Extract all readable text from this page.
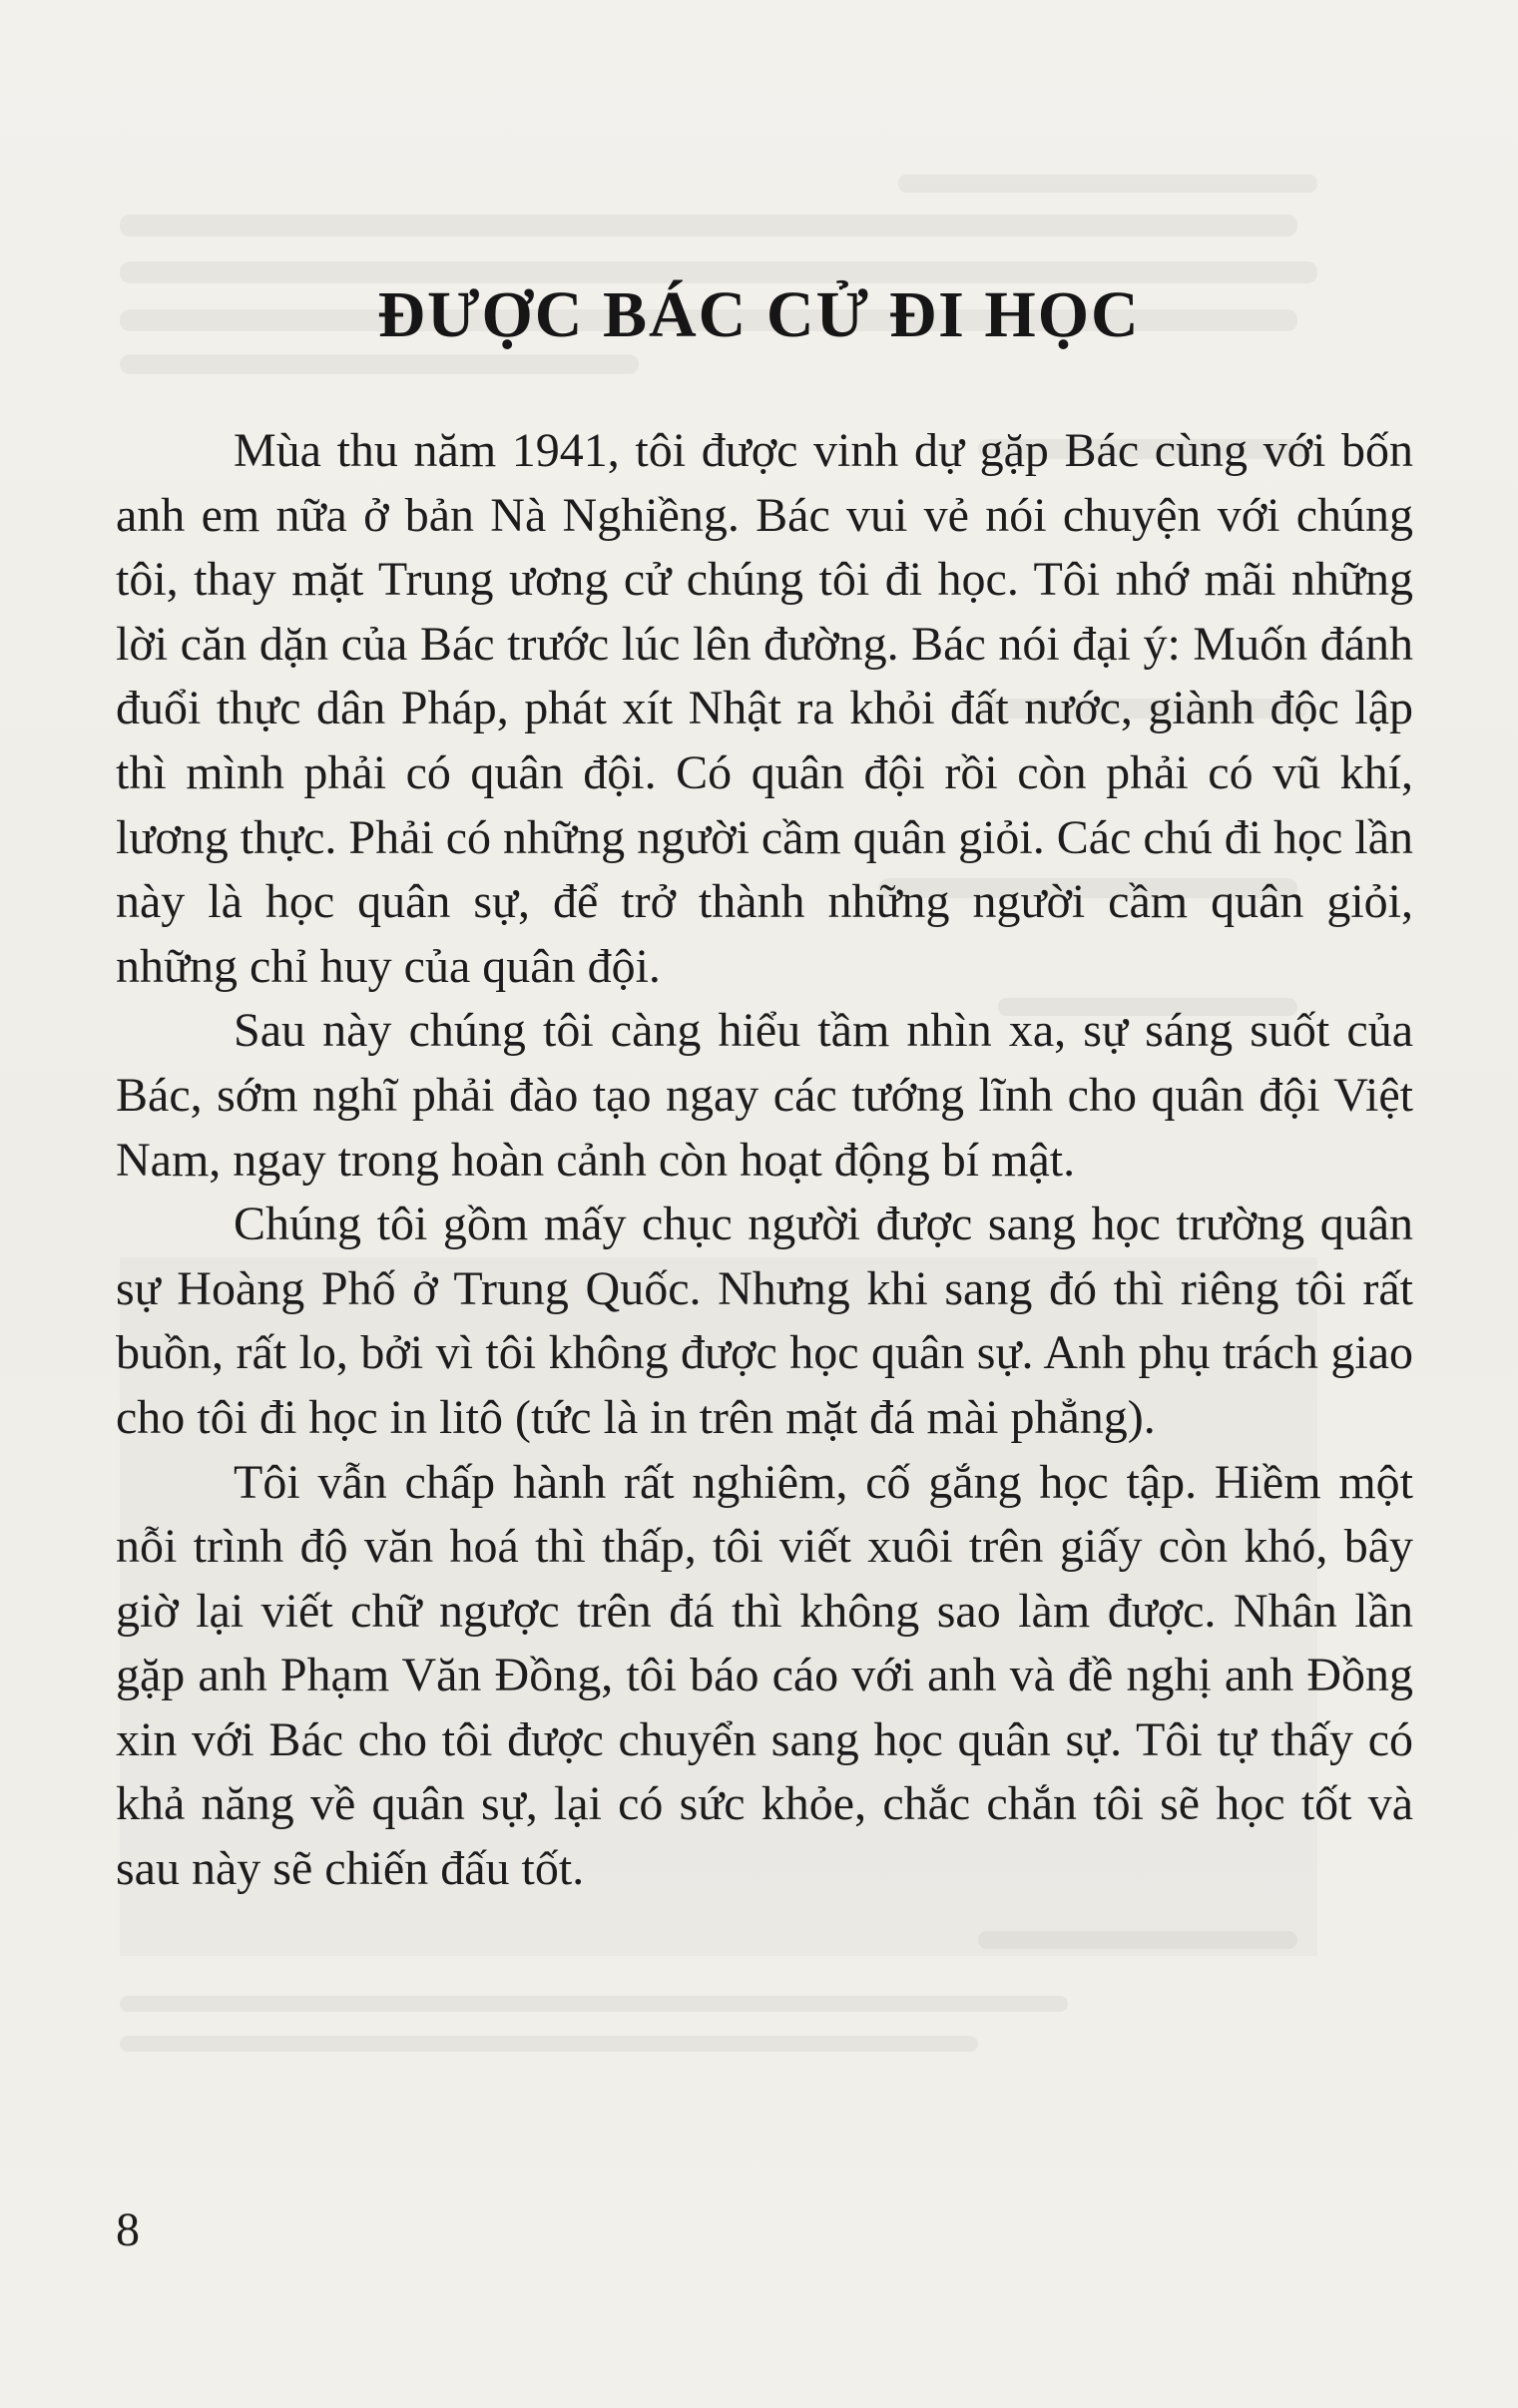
ĐƯỢC BÁC CỬ ĐI HỌC

Mùa thu năm 1941, tôi được vinh dự gặp Bác cùng với bốn anh em nữa ở bản Nà Nghiềng. Bác vui vẻ nói chuyện với chúng tôi, thay mặt Trung ương cử chúng tôi đi học. Tôi nhớ mãi những lời căn dặn của Bác trước lúc lên đường. Bác nói đại ý: Muốn đánh đuổi thực dân Pháp, phát xít Nhật ra khỏi đất nước, giành độc lập thì mình phải có quân đội. Có quân đội rồi còn phải có vũ khí, lương thực. Phải có những người cầm quân giỏi. Các chú đi học lần này là học quân sự, để trở thành những người cầm quân giỏi, những chỉ huy của quân đội.

Sau này chúng tôi càng hiểu tầm nhìn xa, sự sáng suốt của Bác, sớm nghĩ phải đào tạo ngay các tướng lĩnh cho quân đội Việt Nam, ngay trong hoàn cảnh còn hoạt động bí mật.

Chúng tôi gồm mấy chục người được sang học trường quân sự Hoàng Phố ở Trung Quốc. Nhưng khi sang đó thì riêng tôi rất buồn, rất lo, bởi vì tôi không được học quân sự. Anh phụ trách giao cho tôi đi học in litô (tức là in trên mặt đá mài phẳng).

Tôi vẫn chấp hành rất nghiêm, cố gắng học tập. Hiềm một nỗi trình độ văn hoá thì thấp, tôi viết xuôi trên giấy còn khó, bây giờ lại viết chữ ngược trên đá thì không sao làm được. Nhân lần gặp anh Phạm Văn Đồng, tôi báo cáo với anh và đề nghị anh Đồng xin với Bác cho tôi được chuyển sang học quân sự. Tôi tự thấy có khả năng về quân sự, lại có sức khỏe, chắc chắn tôi sẽ học tốt và sau này sẽ chiến đấu tốt.

8
